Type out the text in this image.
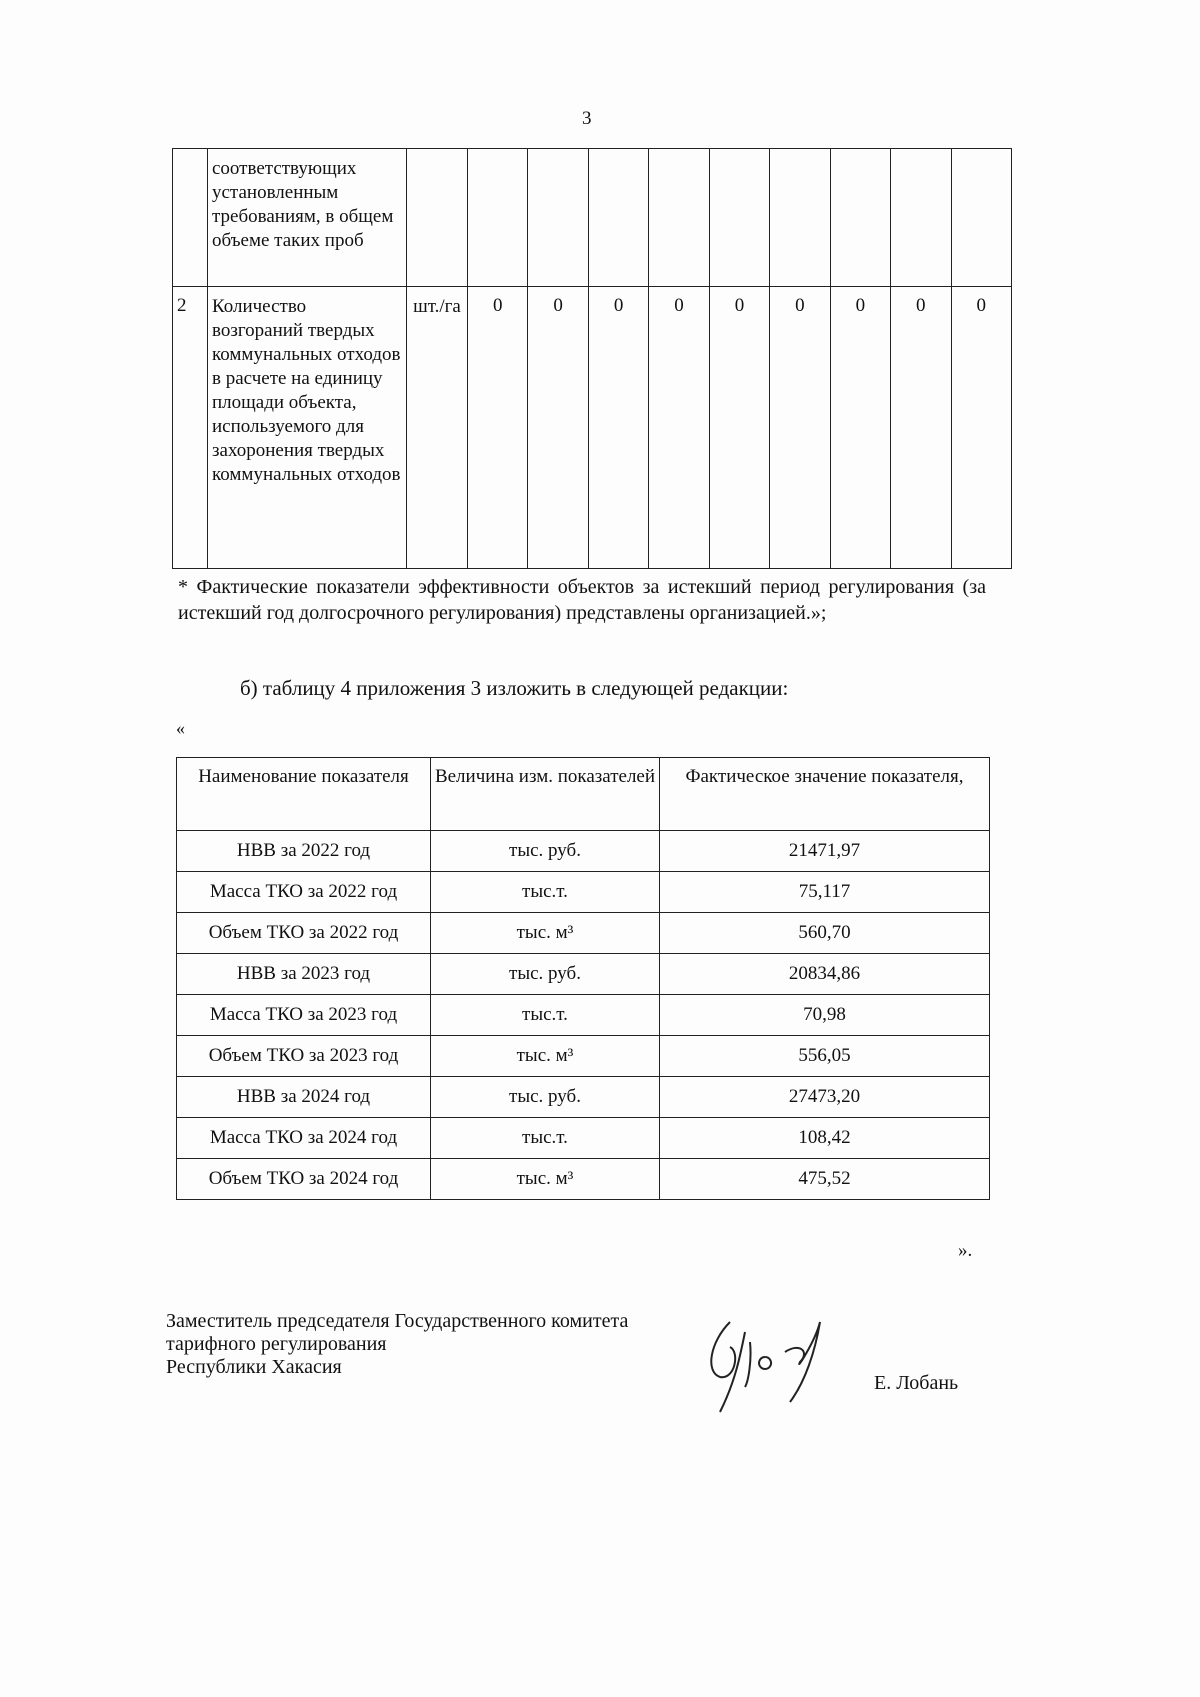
3
	соответствующих установленным требованиям, в общем объеме таких проб										
2	Количество возгораний твердых коммунальных отходов в расчете на единицу площади объекта, используемого для захоронения твердых коммунальных отходов	шт./га	0	0	0	0	0	0	0	0	0
* Фактические показатели эффективности объектов за истекший период регулирования (за истекший год долгосрочного регулирования) представлены организацией.»;
б) таблицу 4 приложения 3 изложить в следующей редакции:
«
Наименование показателя	Величина изм. показателей	Фактическое значение показателя,
НВВ за 2022 год	тыс. руб.	21471,97
Масса ТКО за 2022 год	тыс.т.	75,117
Объем ТКО за 2022 год	тыс. м³	560,70
НВВ за 2023 год	тыс. руб.	20834,86
Масса ТКО за 2023 год	тыс.т.	70,98
Объем ТКО за 2023 год	тыс. м³	556,05
НВВ за 2024 год	тыс. руб.	27473,20
Масса ТКО за 2024 год	тыс.т.	108,42
Объем ТКО за 2024 год	тыс. м³	475,52
».
Заместитель председателя Государственного комитета
тарифного регулирования
Республики Хакасия
Е. Лобань
